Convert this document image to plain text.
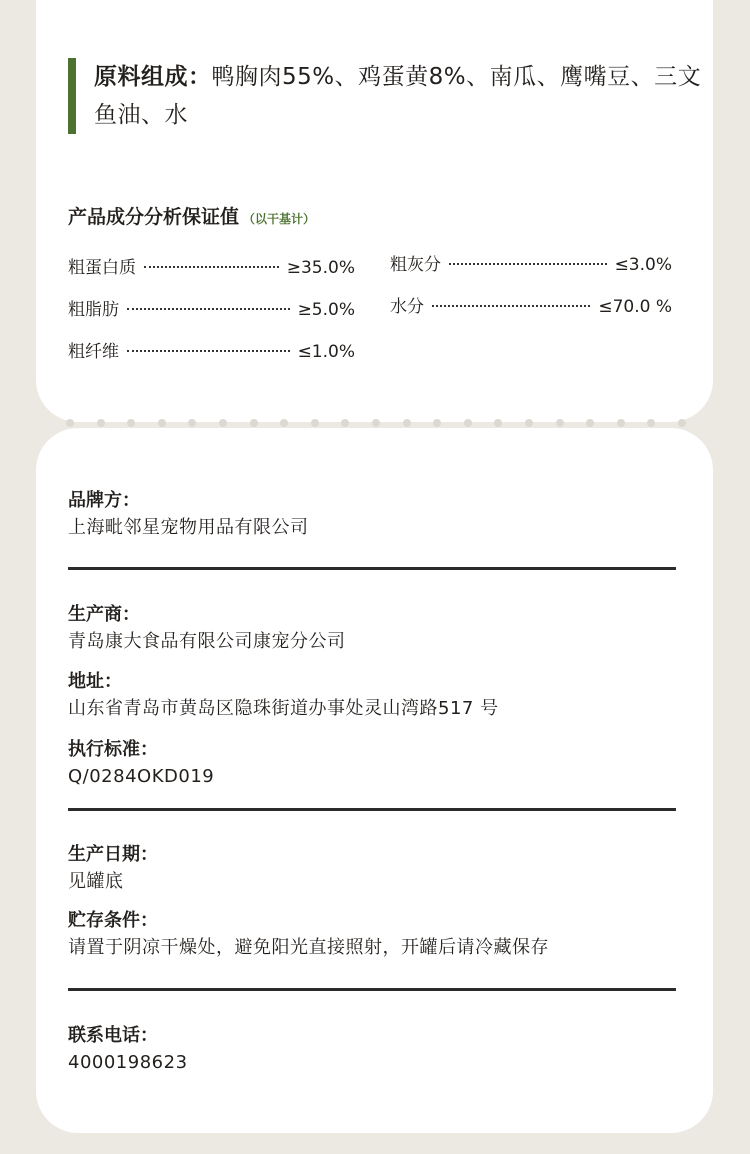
原料组成：鸭胸肉55%、鸡蛋黄8%、南瓜、鹰嘴豆、三文鱼油、水
产品成分分析保证值 （以干基计）
粗蛋白质	≥35.0%
粗脂肪	≥5.0%
粗纤维	≤1.0%
粗灰分	≤3.0%
水分	≤70.0 %
品牌方：
上海毗邻星宠物用品有限公司
生产商：
青岛康大食品有限公司康宠分公司
地址：
山东省青岛市黄岛区隐珠街道办事处灵山湾路517 号
执行标准：
Q/0284OKD019
生产日期：
见罐底
贮存条件：
请置于阴凉干燥处，避免阳光直接照射，开罐后请冷藏保存
联系电话：
4000198623
